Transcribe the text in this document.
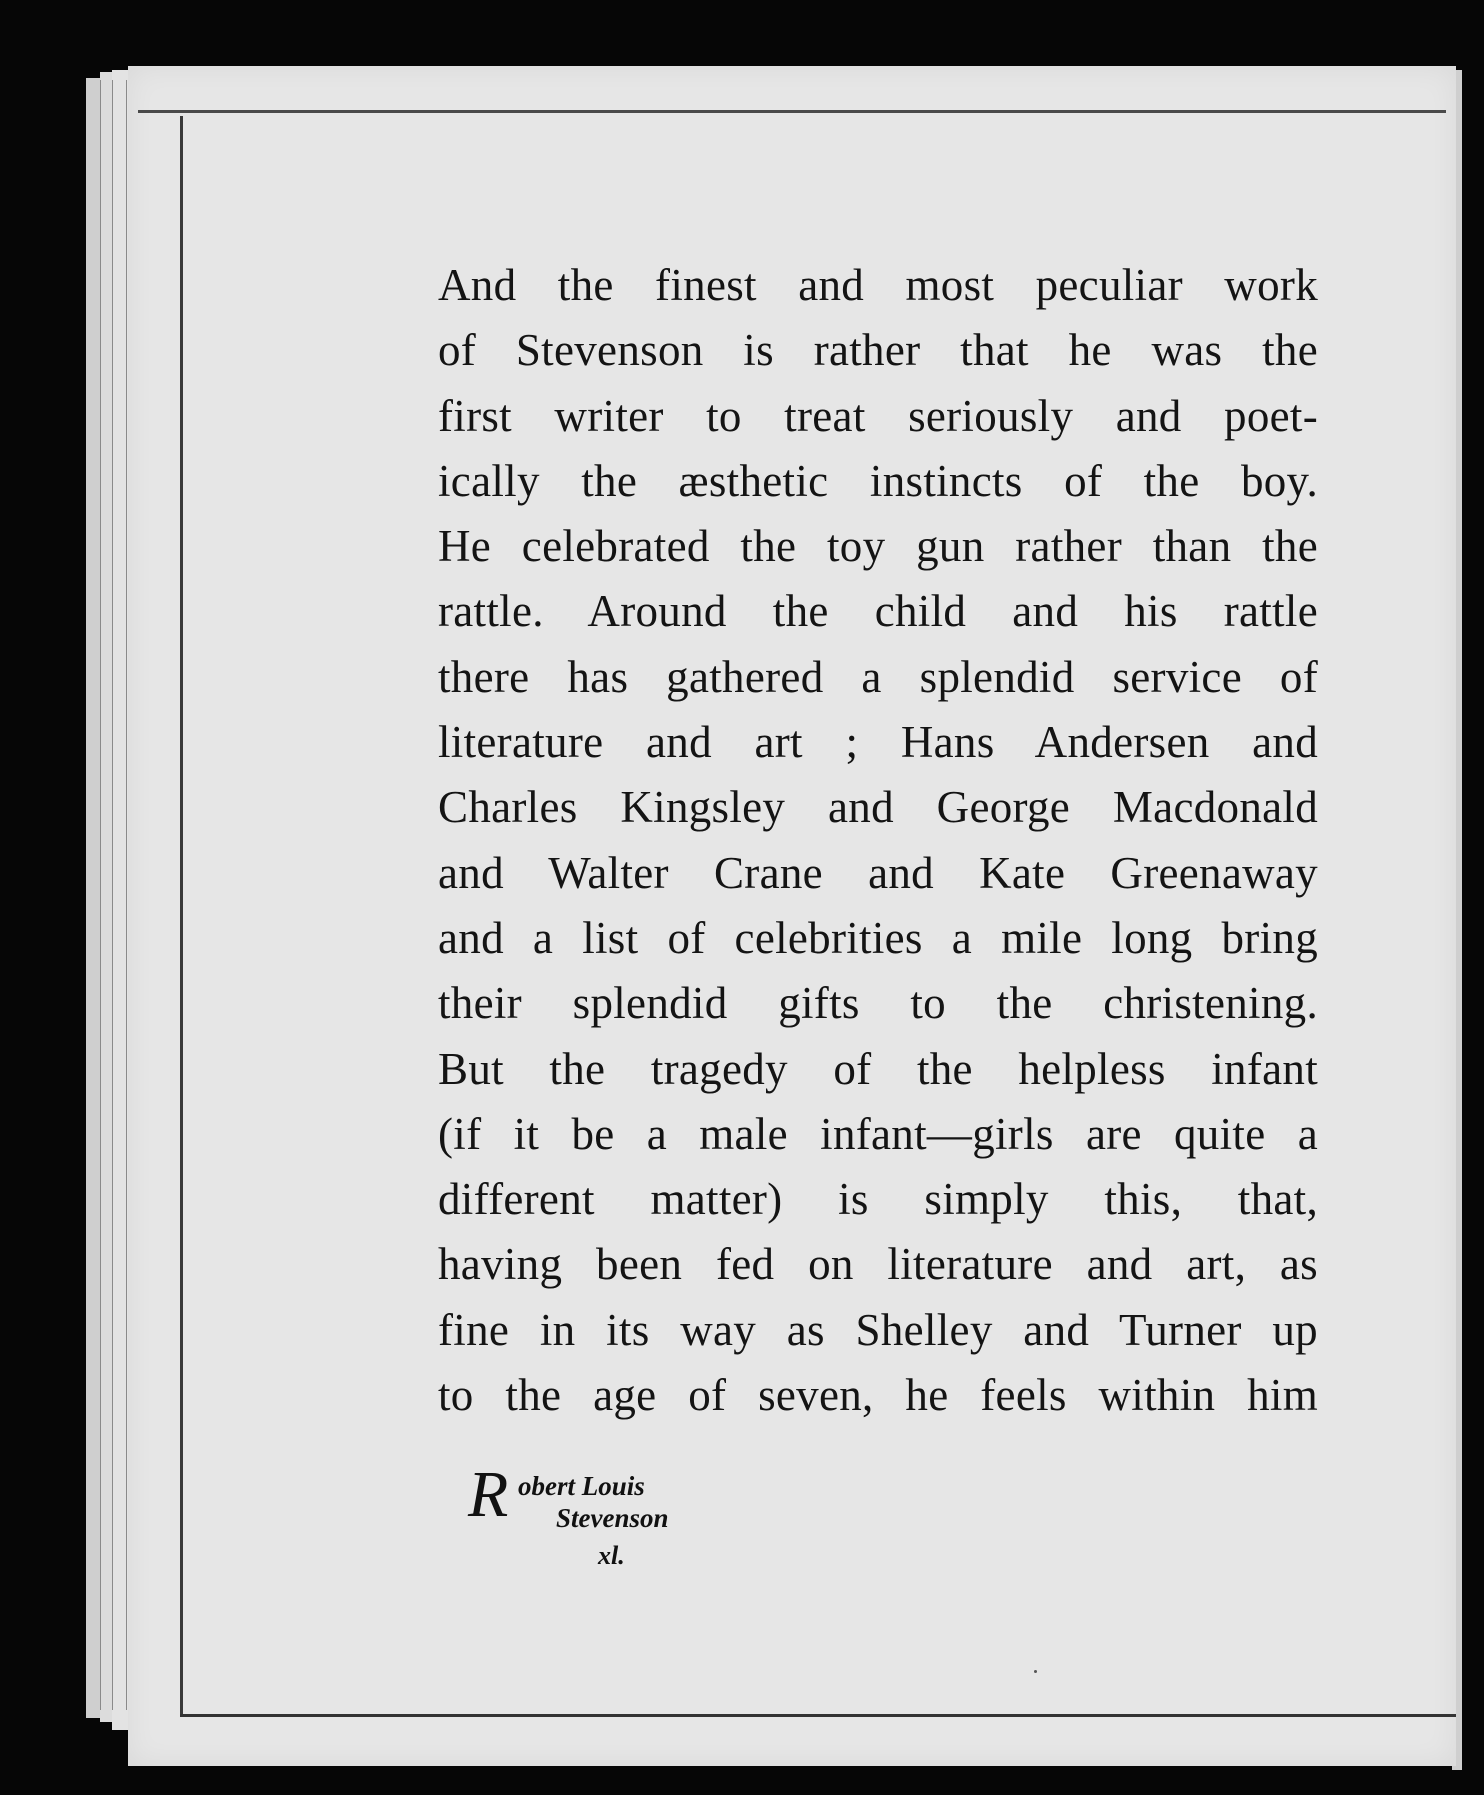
And the finest and most peculiar work
of Stevenson is rather that he was the
first writer to treat seriously and poet-
ically the æsthetic instincts of the boy.
He celebrated the toy gun rather than the
rattle. Around the child and his rattle
there has gathered a splendid service of
literature and art ; Hans Andersen and
Charles Kingsley and George Macdonald
and Walter Crane and Kate Greenaway
and a list of celebrities a mile long bring
their splendid gifts to the christening.
But the tragedy of the helpless infant
(if it be a male infant—girls are quite a
different matter) is simply this, that,
having been fed on literature and art, as
fine in its way as Shelley and Turner up
to the age of seven, he feels within him
R obert Louis
Stevenson
xl.
